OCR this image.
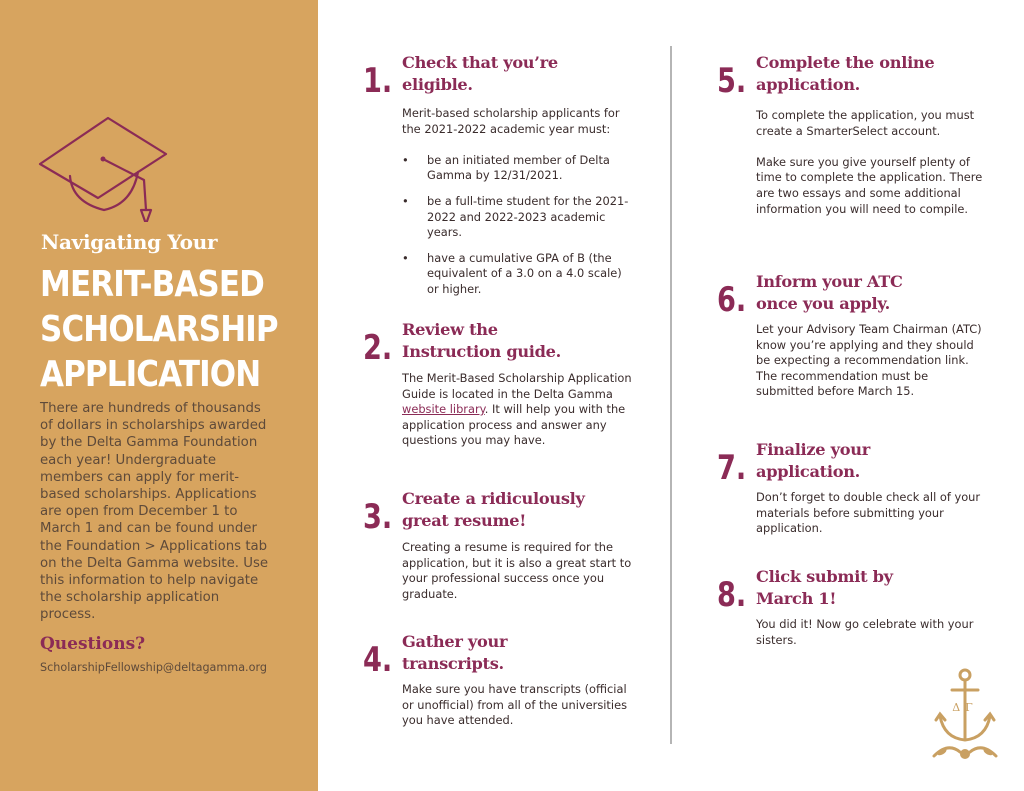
Navigating Your

MERIT-BASED
SCHOLARSHIP
APPLICATION

There are hundreds of thousands of dollars in scholarships awarded by the Delta Gamma Foundation each year! Undergraduate members can apply for merit-based scholarships. Applications are open from December 1 to March 1 and can be found under the Foundation > Applications tab on the Delta Gamma website. Use this information to help navigate the scholarship application process.

Questions?

ScholarshipFellowship@deltagamma.org

1. Check that you’re
eligible.

Merit-based scholarship applicants for the 2021-2022 academic year must:

• be an initiated member of Delta Gamma by 12/31/2021.
• be a full-time student for the 2021-2022 and 2022-2023 academic years.
• have a cumulative GPA of B (the equivalent of a 3.0 on a 4.0 scale) or higher.
2. Review the
Instruction guide.

The Merit-Based Scholarship Application Guide is located in the Delta Gamma website library. It will help you with the application process and answer any questions you may have.

3. Create a ridiculously
great resume!

Creating a resume is required for the application, but it is also a great start to your professional success once you graduate.

4. Gather your
transcripts.

Make sure you have transcripts (official or unofficial) from all of the universities you have attended.

5. Complete the online
application.

To complete the application, you must create a SmarterSelect account.

Make sure you give yourself plenty of time to complete the application. There are two essays and some additional information you will need to compile.

6. Inform your ATC
once you apply.

Let your Advisory Team Chairman (ATC) know you’re applying and they should be expecting a recommendation link. The recommendation must be submitted before March 15.

7. Finalize your
application.

Don’t forget to double check all of your materials before submitting your application.

8. Click submit by
March 1!

You did it! Now go celebrate with your sisters.

ΔΓ
